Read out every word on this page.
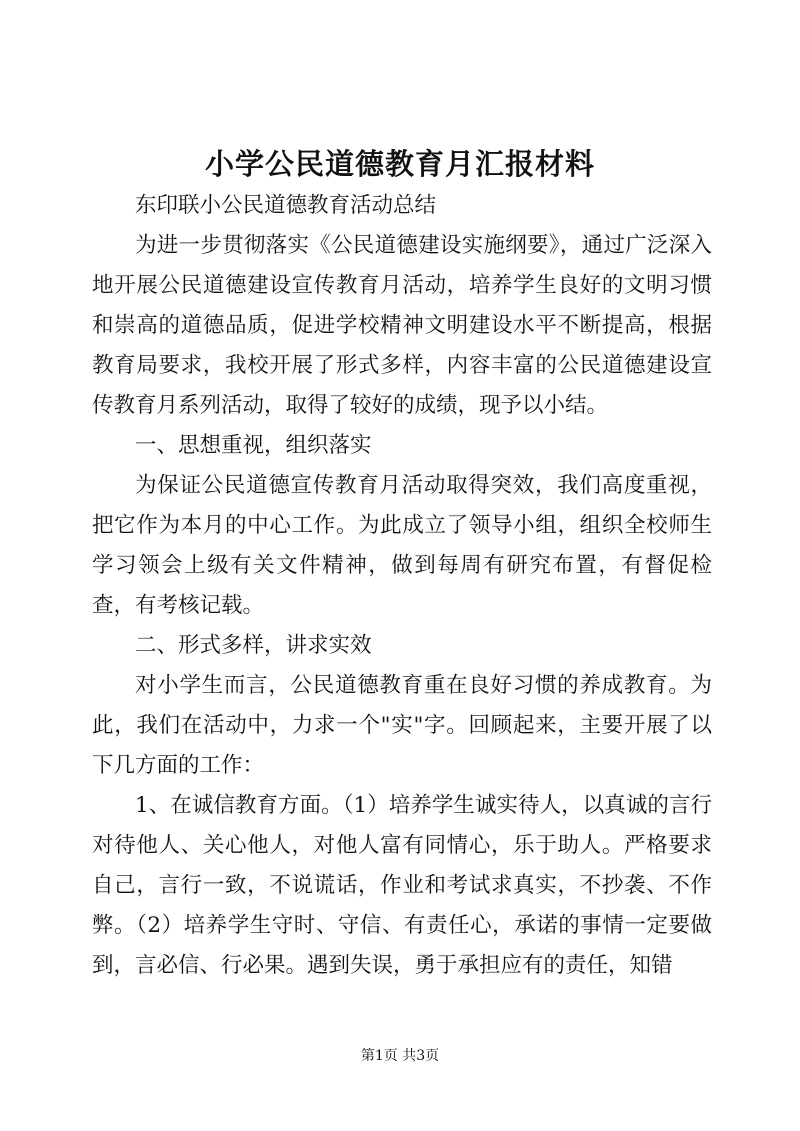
小学公民道德教育月汇报材料

东印联小公民道德教育活动总结

为进一步贯彻落实《公民道德建设实施纲要》，通过广泛深入地开展公民道德建设宣传教育月活动，培养学生良好的文明习惯和崇高的道德品质，促进学校精神文明建设水平不断提高，根据教育局要求，我校开展了形式多样，内容丰富的公民道德建设宣传教育月系列活动，取得了较好的成绩，现予以小结。

一、思想重视，组织落实

为保证公民道德宣传教育月活动取得突效，我们高度重视，把它作为本月的中心工作。为此成立了领导小组，组织全校师生学习领会上级有关文件精神，做到每周有研究布置，有督促检查，有考核记载。

二、形式多样，讲求实效

对小学生而言，公民道德教育重在良好习惯的养成教育。为此，我们在活动中，力求一个"实"字。回顾起来，主要开展了以下几方面的工作：

1、在诚信教育方面。（1）培养学生诚实待人，以真诚的言行对待他人、关心他人，对他人富有同情心，乐于助人。严格要求自己，言行一致，不说谎话，作业和考试求真实，不抄袭、不作弊。（2）培养学生守时、守信、有责任心，承诺的事情一定要做到，言必信、行必果。遇到失误，勇于承担应有的责任，知错

第1页 共3页
